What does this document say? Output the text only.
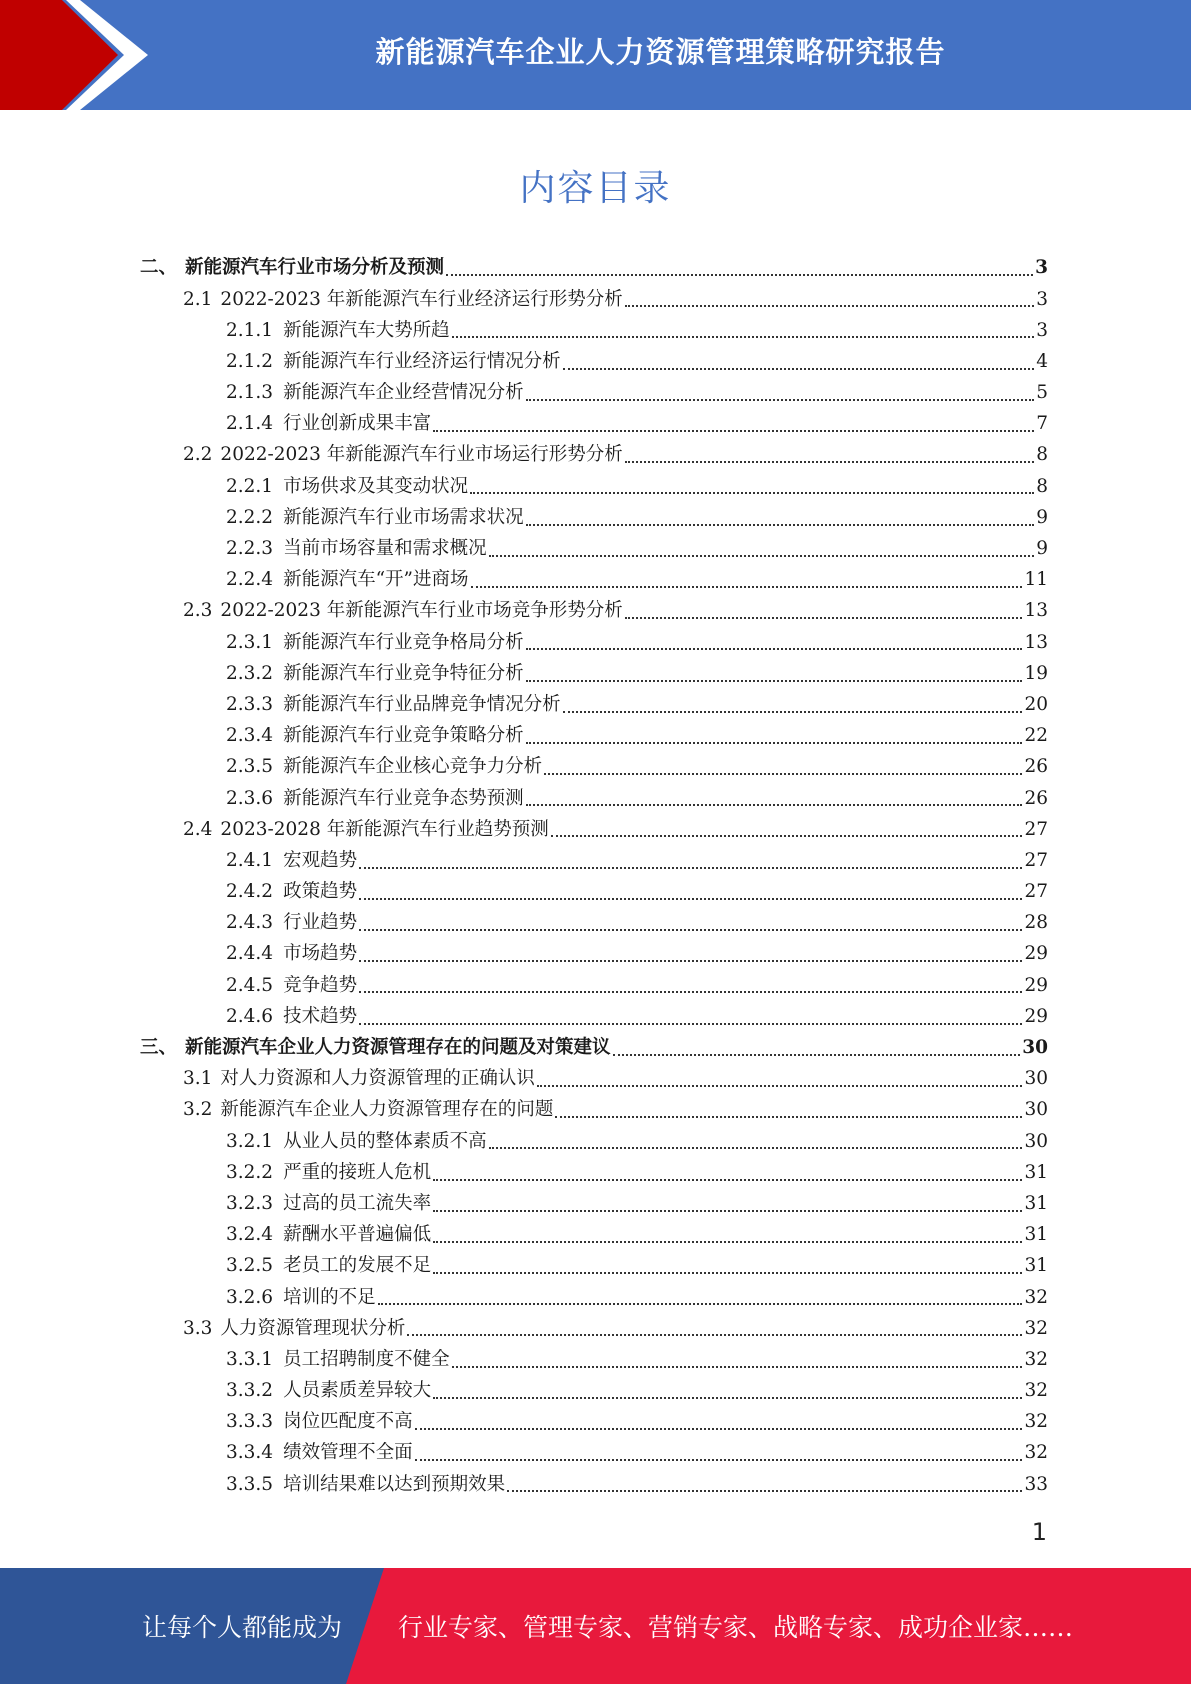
新能源汽车企业人力资源管理策略研究报告
内容目录
二、 新能源汽车行业市场分析及预测	3
2.1 2022-2023 年新能源汽车行业经济运行形势分析	3
2.1.1 新能源汽车大势所趋	3
2.1.2 新能源汽车行业经济运行情况分析	4
2.1.3 新能源汽车企业经营情况分析	5
2.1.4 行业创新成果丰富	7
2.2 2022-2023 年新能源汽车行业市场运行形势分析	8
2.2.1 市场供求及其变动状况	8
2.2.2 新能源汽车行业市场需求状况	9
2.2.3 当前市场容量和需求概况	9
2.2.4 新能源汽车“开”进商场	11
2.3 2022-2023 年新能源汽车行业市场竞争形势分析	13
2.3.1 新能源汽车行业竞争格局分析	13
2.3.2 新能源汽车行业竞争特征分析	19
2.3.3 新能源汽车行业品牌竞争情况分析	20
2.3.4 新能源汽车行业竞争策略分析	22
2.3.5 新能源汽车企业核心竞争力分析	26
2.3.6 新能源汽车行业竞争态势预测	26
2.4 2023-2028 年新能源汽车行业趋势预测	27
2.4.1 宏观趋势	27
2.4.2 政策趋势	27
2.4.3 行业趋势	28
2.4.4 市场趋势	29
2.4.5 竞争趋势	29
2.4.6 技术趋势	29
三、 新能源汽车企业人力资源管理存在的问题及对策建议	30
3.1 对人力资源和人力资源管理的正确认识	30
3.2 新能源汽车企业人力资源管理存在的问题	30
3.2.1 从业人员的整体素质不高	30
3.2.2 严重的接班人危机	31
3.2.3 过高的员工流失率	31
3.2.4 薪酬水平普遍偏低	31
3.2.5 老员工的发展不足	31
3.2.6 培训的不足	32
3.3 人力资源管理现状分析	32
3.3.1 员工招聘制度不健全	32
3.3.2 人员素质差异较大	32
3.3.3 岗位匹配度不高	32
3.3.4 绩效管理不全面	32
3.3.5 培训结果难以达到预期效果	33
1
让每个人都能成为 行业专家、管理专家、营销专家、战略专家、成功企业家……
